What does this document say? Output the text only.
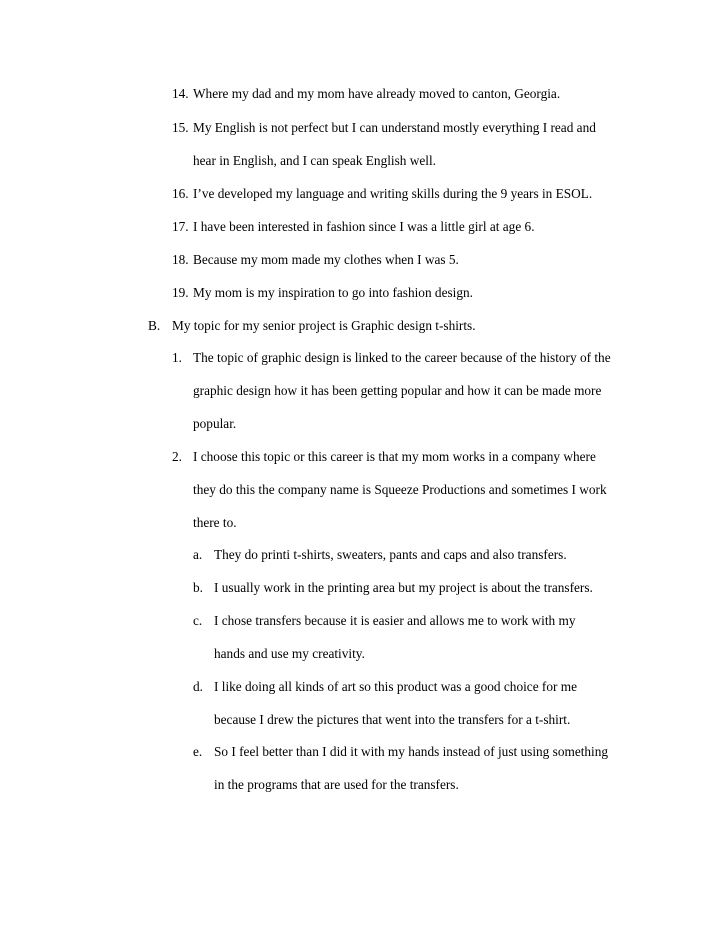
14. Where my dad and my mom have already moved to canton, Georgia.
15. My English is not perfect but I can understand mostly everything I read and
hear in English, and I can speak English well.
16. I’ve developed my language and writing skills during the 9 years in ESOL.
17. I have been interested in fashion since I was a little girl at age 6.
18. Because my mom made my clothes when I was 5.
19. My mom is my inspiration to go into fashion design.
B. My topic for my senior project is Graphic design t-shirts.
1. The topic of graphic design is linked to the career because of the history of the
graphic design how it has been getting popular and how it can be made more
popular.
2. I choose this topic or this career is that my mom works in a company where
they do this the company name is Squeeze Productions and sometimes I work
there to.
a. They do printi t-shirts, sweaters, pants and caps and also transfers.
b. I usually work in the printing area but my project is about the transfers.
c. I chose transfers because it is easier and allows me to work with my
hands and use my creativity.
d. I like doing all kinds of art so this product was a good choice for me
because I drew the pictures that went into the transfers for a t-shirt.
e. So I feel better than I did it with my hands instead of just using something
in the programs that are used for the transfers.
